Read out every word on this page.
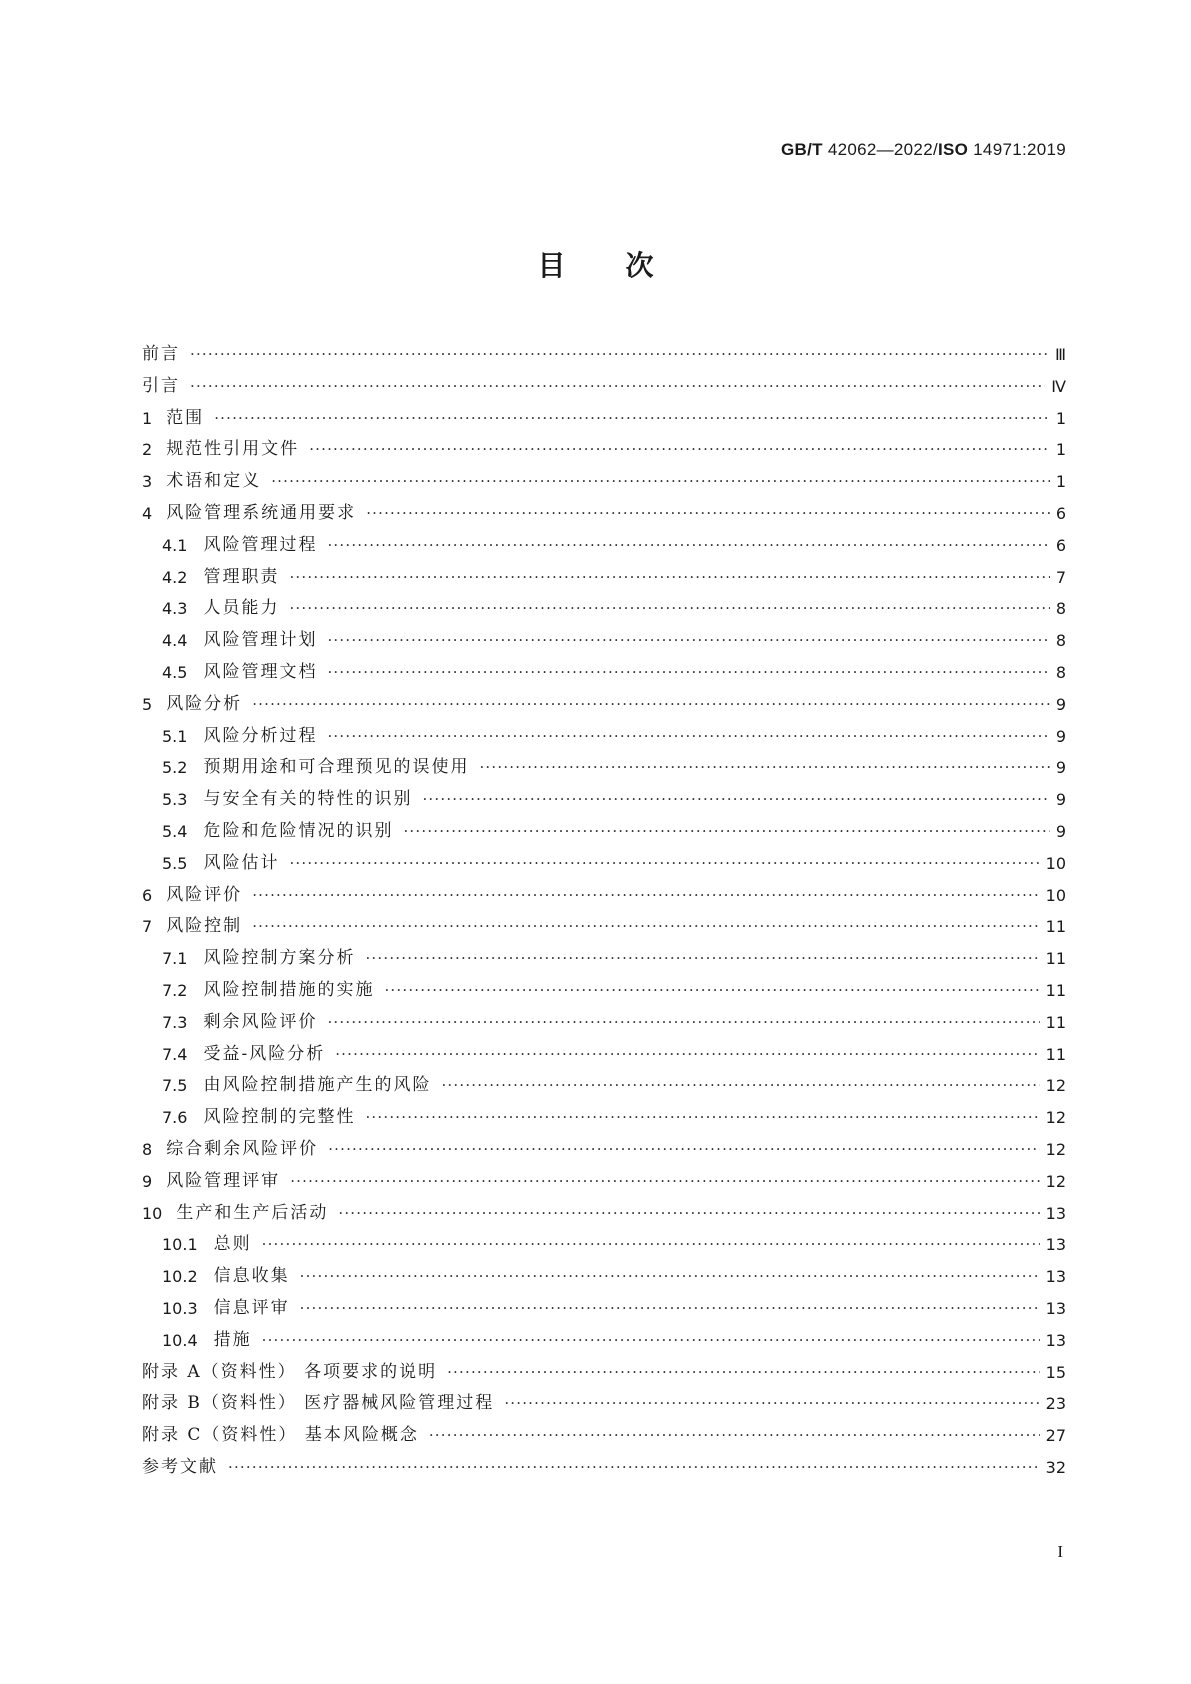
GB/T 42062—2022/ISO 14971:2019
目次
前言 ·····	Ⅲ
引言 ·····	Ⅳ
1 范围 ·····	1
2 规范性引用文件 ·····	1
3 术语和定义 ·····	1
4 风险管理系统通用要求 ·····	6
4.1 风险管理过程 ·····	6
4.2 管理职责 ·····	7
4.3 人员能力 ·····	8
4.4 风险管理计划 ·····	8
4.5 风险管理文档 ·····	8
5 风险分析 ·····	9
5.1 风险分析过程 ·····	9
5.2 预期用途和可合理预见的误使用 ·····	9
5.3 与安全有关的特性的识别 ·····	9
5.4 危险和危险情况的识别 ·····	9
5.5 风险估计 ·····	10
6 风险评价 ·····	10
7 风险控制 ·····	11
7.1 风险控制方案分析 ·····	11
7.2 风险控制措施的实施 ·····	11
7.3 剩余风险评价 ·····	11
7.4 受益-风险分析 ·····	11
7.5 由风险控制措施产生的风险 ·····	12
7.6 风险控制的完整性 ·····	12
8 综合剩余风险评价 ·····	12
9 风险管理评审 ·····	12
10 生产和生产后活动 ·····	13
10.1 总则 ·····	13
10.2 信息收集 ·····	13
10.3 信息评审 ·····	13
10.4 措施 ·····	13
附录 A（资料性） 各项要求的说明 ·····	15
附录 B（资料性） 医疗器械风险管理过程 ·····	23
附录 C（资料性） 基本风险概念 ·····	27
参考文献 ·····	32
I
